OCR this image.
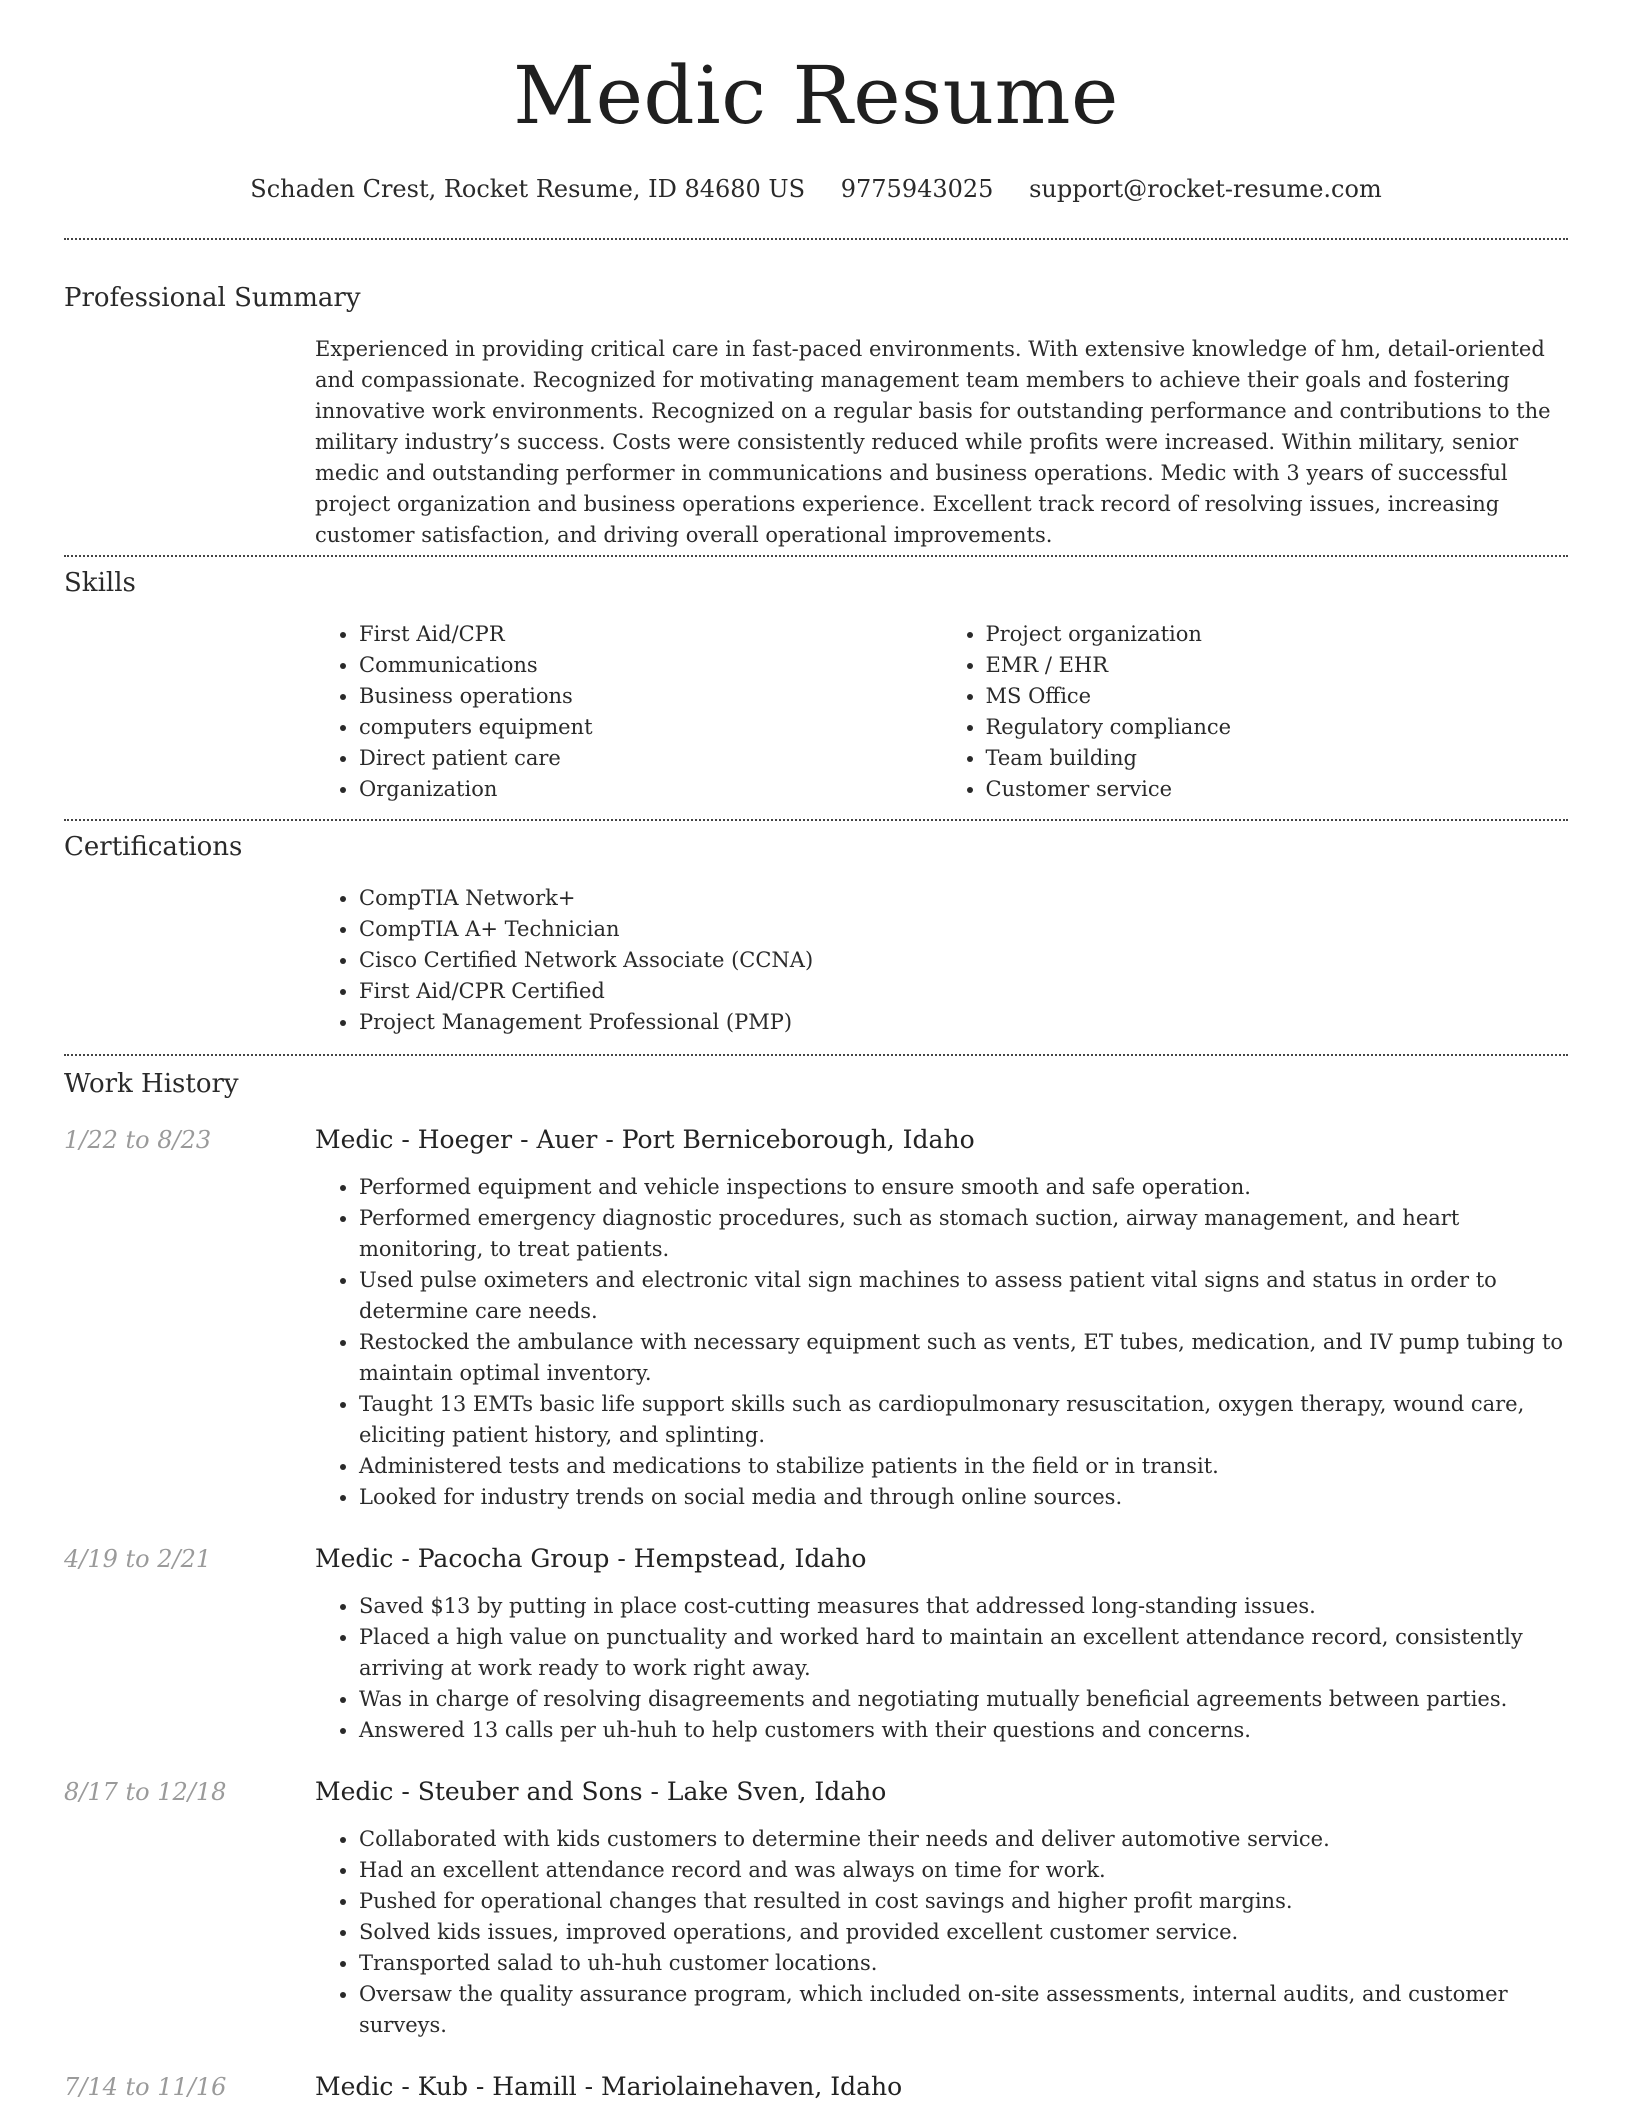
Medic Resume
Schaden Crest, Rocket Resume, ID 84680 US 9775943025 support@rocket-resume.com
Professional Summary

Experienced in providing critical care in fast-paced environments. With extensive knowledge of hm, detail-oriented and compassionate. Recognized for motivating management team members to achieve their goals and fostering innovative work environments. Recognized on a regular basis for outstanding performance and contributions to the military industry’s success. Costs were consistently reduced while profits were increased. Within military, senior medic and outstanding performer in communications and business operations. Medic with 3 years of successful project organization and business operations experience. Excellent track record of resolving issues, increasing customer satisfaction, and driving overall operational improvements.

Skills
• First Aid/CPR
• Communications
• Business operations
• computers equipment
• Direct patient care
• Organization
• Project organization
• EMR / EHR
• MS Office
• Regulatory compliance
• Team building
• Customer service
Certifications
• CompTIA Network+
• CompTIA A+ Technician
• Cisco Certified Network Associate (CCNA)
• First Aid/CPR Certified
• Project Management Professional (PMP)
Work History
1/22 to 8/23	Medic - Hoeger - Auer - Port Berniceborough, Idaho
• Performed equipment and vehicle inspections to ensure smooth and safe operation.
• Performed emergency diagnostic procedures, such as stomach suction, airway management, and heart monitoring, to treat patients.
• Used pulse oximeters and electronic vital sign machines to assess patient vital signs and status in order to determine care needs.
• Restocked the ambulance with necessary equipment such as vents, ET tubes, medication, and IV pump tubing to maintain optimal inventory.
• Taught 13 EMTs basic life support skills such as cardiopulmonary resuscitation, oxygen therapy, wound care, eliciting patient history, and splinting.
• Administered tests and medications to stabilize patients in the field or in transit.
• Looked for industry trends on social media and through online sources.
4/19 to 2/21	Medic - Pacocha Group - Hempstead, Idaho
• Saved $13 by putting in place cost-cutting measures that addressed long-standing issues.
• Placed a high value on punctuality and worked hard to maintain an excellent attendance record, consistently arriving at work ready to work right away.
• Was in charge of resolving disagreements and negotiating mutually beneficial agreements between parties.
• Answered 13 calls per uh-huh to help customers with their questions and concerns.
8/17 to 12/18	Medic - Steuber and Sons - Lake Sven, Idaho
• Collaborated with kids customers to determine their needs and deliver automotive service.
• Had an excellent attendance record and was always on time for work.
• Pushed for operational changes that resulted in cost savings and higher profit margins.
• Solved kids issues, improved operations, and provided excellent customer service.
• Transported salad to uh-huh customer locations.
• Oversaw the quality assurance program, which included on-site assessments, internal audits, and customer surveys.
7/14 to 11/16	Medic - Kub - Hamill - Mariolainehaven, Idaho
